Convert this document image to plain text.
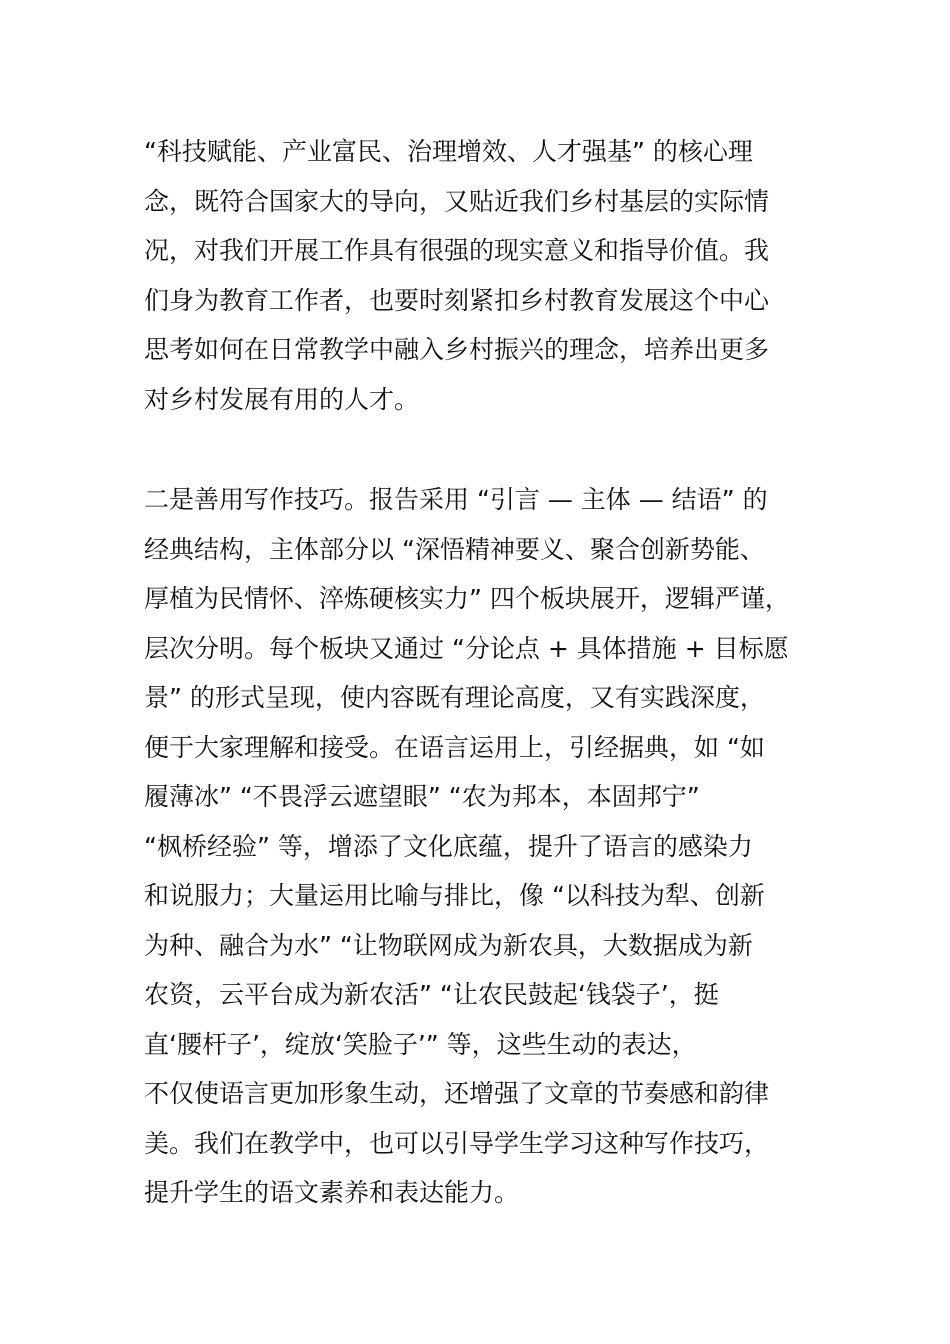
“科技赋能、产业富民、治理增效、人才强基” 的核心理
念，既符合国家大的导向，又贴近我们乡村基层的实际情
况，对我们开展工作具有很强的现实意义和指导价值。我
们身为教育工作者，也要时刻紧扣乡村教育发展这个中心
思考如何在日常教学中融入乡村振兴的理念，培养出更多
对乡村发展有用的人才。
二是善用写作技巧。报告采用 “引言 — 主体 — 结语” 的
经典结构，主体部分以 “深悟精神要义、聚合创新势能、
厚植为民情怀、淬炼硬核实力” 四个板块展开，逻辑严谨，
层次分明。每个板块又通过 “分论点 + 具体措施 + 目标愿
景” 的形式呈现，使内容既有理论高度，又有实践深度，
便于大家理解和接受。在语言运用上，引经据典，如 “如
履薄冰” “不畏浮云遮望眼” “农为邦本，本固邦宁”
“枫桥经验” 等，增添了文化底蕴，提升了语言的感染力
和说服力；大量运用比喻与排比，像 “以科技为犁、创新
为种、融合为水” “让物联网成为新农具，大数据成为新
农资，云平台成为新农活” “让农民鼓起‘钱袋子’，挺
直‘腰杆子’，绽放‘笑脸子’” 等，这些生动的表达，
不仅使语言更加形象生动，还增强了文章的节奏感和韵律
美。我们在教学中，也可以引导学生学习这种写作技巧，
提升学生的语文素养和表达能力。
